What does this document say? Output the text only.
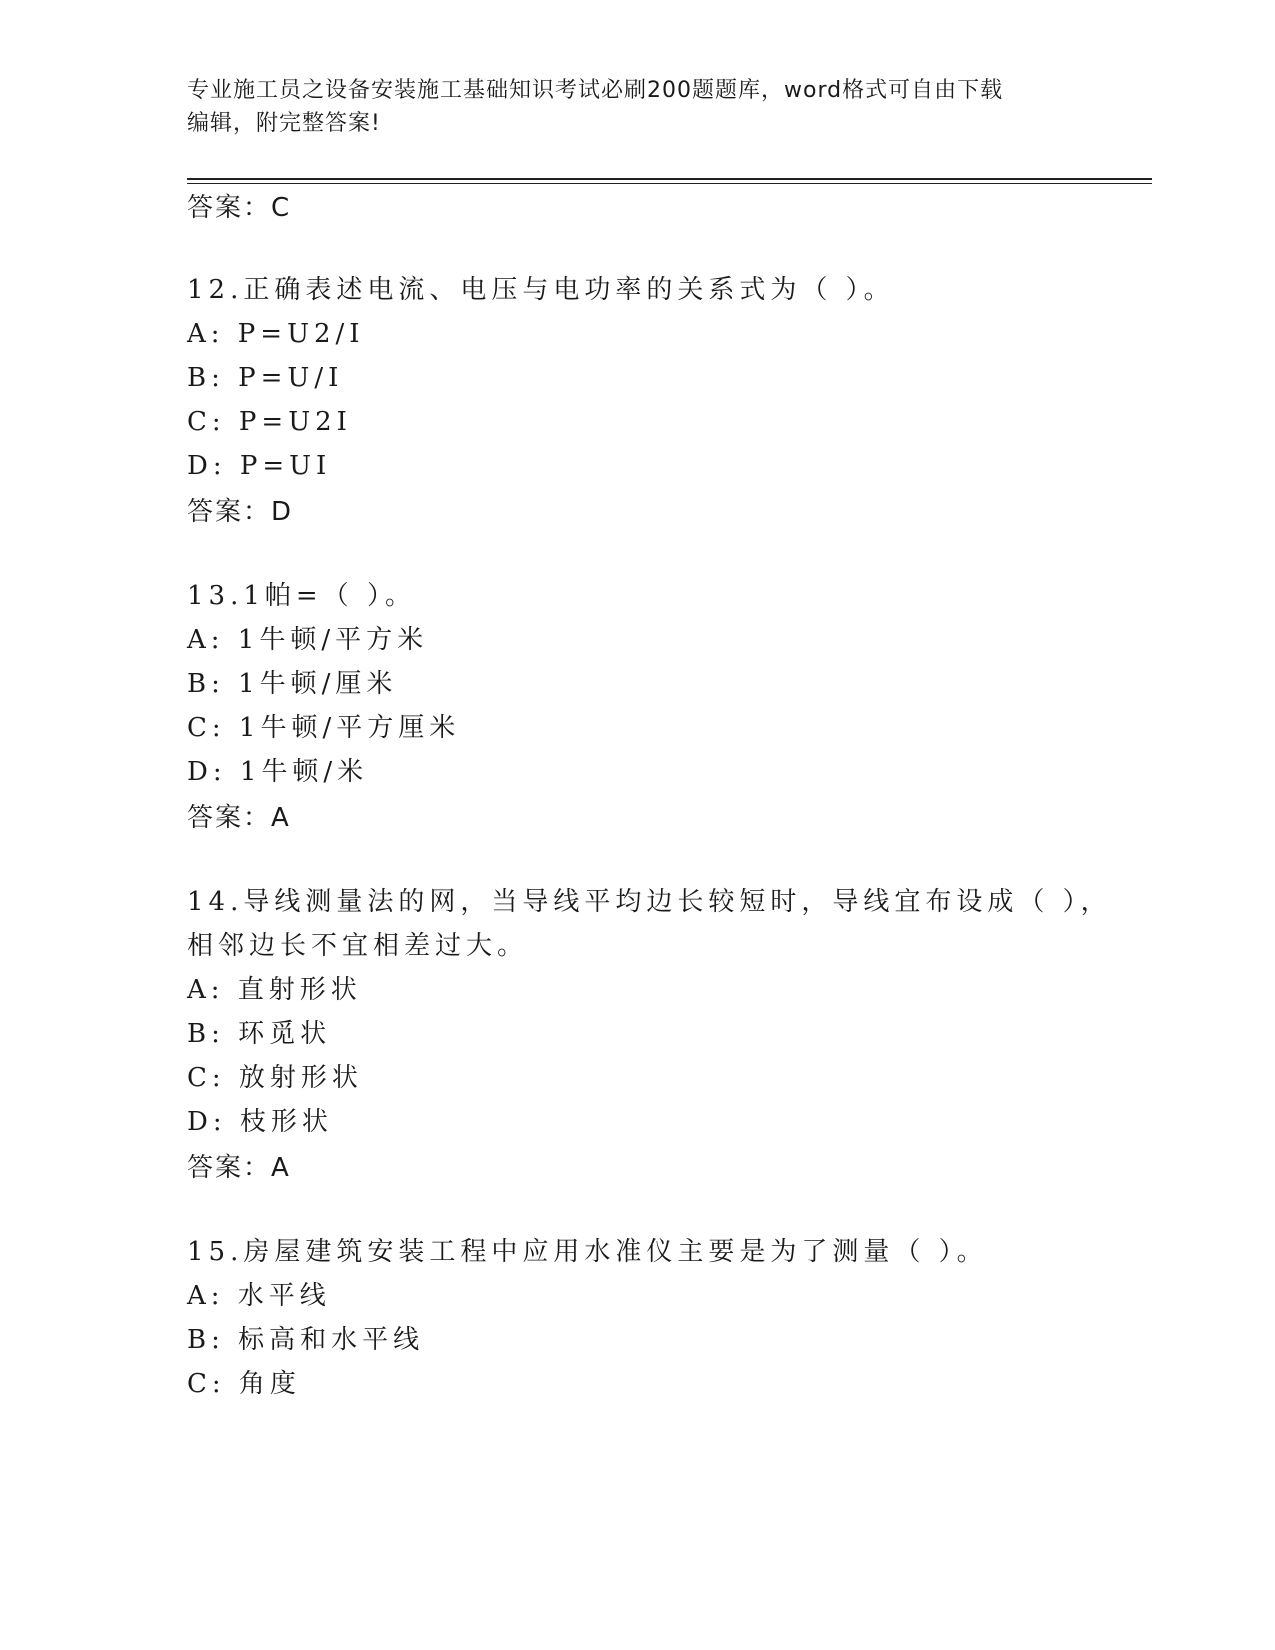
专业施工员之设备安装施工基础知识考试必刷200题题库，word格式可自由下载
编辑，附完整答案!
答案：C
12.正确表述电流、电压与电功率的关系式为（ ）。
A: P=U2/I
B: P=U/I
C: P=U2I
D: P=UI
答案：D
13.1帕=（ ）。
A: 1牛顿/平方米
B: 1牛顿/厘米
C: 1牛顿/平方厘米
D: 1牛顿/米
答案：A
14.导线测量法的网，当导线平均边长较短时，导线宜布设成（ ），
相邻边长不宜相差过大。
A: 直射形状
B: 环觅状
C: 放射形状
D: 枝形状
答案：A
15.房屋建筑安装工程中应用水准仪主要是为了测量（ ）。
A: 水平线
B: 标高和水平线
C: 角度
